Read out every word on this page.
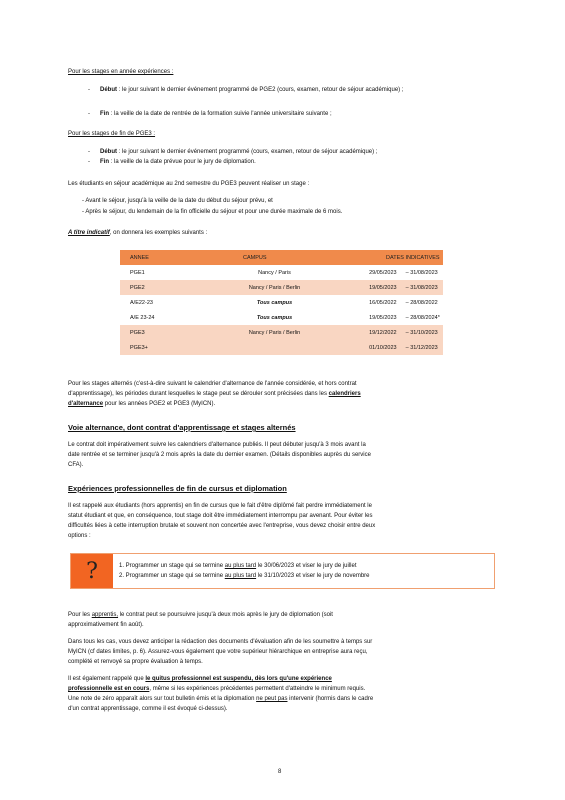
Pour les stages en année expériences :
- Début : le jour suivant le dernier événement programmé de PGE2 (cours, examen, retour de séjour académique) ;
- Fin : la veille de la date de rentrée de la formation suivie l'année universitaire suivante ;
Pour les stages de fin de PGE3 :
- Début : le jour suivant le dernier événement programmé (cours, examen, retour de séjour académique) ;
- Fin : la veille de la date prévue pour le jury de diplomation.
Les étudiants en séjour académique au 2nd semestre du PGE3 peuvent réaliser un stage :
- Avant le séjour, jusqu'à la veille de la date du début du séjour prévu, et
- Après le séjour, du lendemain de la fin officielle du séjour et pour une durée maximale de 6 mois.
A titre indicatif, on donnera les exemples suivants :
ANNEE	CAMPUS	DATES INDICATIVES	
PGE1	Nancy / Paris	29/05/2023	– 31/08/2023
PGE2	Nancy / Paris / Berlin	19/05/2023	– 31/08/2023
A/E22-23	Tous campus	16/05/2022	– 28/08/2022
A/E 23-24	Tous campus	19/05/2023	– 28/08/2024*
PGE3	Nancy / Paris / Berlin	19/12/2022	– 31/10/2023
PGE3+		01/10/2023	– 31/12/2023
Pour les stages alternés (c'est-à-dire suivant le calendrier d'alternance de l'année considérée, et hors contrat
d'apprentissage), les périodes durant lesquelles le stage peut se dérouler sont précisées dans les calendriers
d'alternance pour les années PGE2 et PGE3 (MyICN).
Voie alternance, dont contrat d'apprentissage et stages alternés
Le contrat doit impérativement suivre les calendriers d'alternance publiés. Il peut débuter jusqu'à 3 mois avant la
date rentrée et se terminer jusqu'à 2 mois après la date du dernier examen. (Détails disponibles auprès du service
CFA).
Expériences professionnelles de fin de cursus et diplomation
Il est rappelé aux étudiants (hors apprentis) en fin de cursus que le fait d'être diplômé fait perdre immédiatement le
statut étudiant et que, en conséquence, tout stage doit être immédiatement interrompu par avenant. Pour éviter les
difficultés liées à cette interruption brutale et souvent non concertée avec l'entreprise, vous devez choisir entre deux
options :
?	1. Programmer un stage qui se termine au plus tard le 30/06/2023 et viser le jury de juillet
2. Programmer un stage qui se termine au plus tard le 31/10/2023 et viser le jury de novembre
Pour les apprentis, le contrat peut se poursuivre jusqu'à deux mois après le jury de diplomation (soit
approximativement fin août).
Dans tous les cas, vous devez anticiper la rédaction des documents d'évaluation afin de les soumettre à temps sur
MyICN (cf dates limites, p. 6). Assurez-vous également que votre supérieur hiérarchique en entreprise aura reçu,
complété et renvoyé sa propre évaluation à temps.
Il est également rappelé que le quitus professionnel est suspendu, dès lors qu'une expérience
professionnelle est en cours, même si les expériences précédentes permettent d'atteindre le minimum requis.
Une note de zéro apparaît alors sur tout bulletin émis et la diplomation ne peut pas intervenir (hormis dans le cadre
d'un contrat apprentissage, comme il est évoqué ci-dessus).
8
